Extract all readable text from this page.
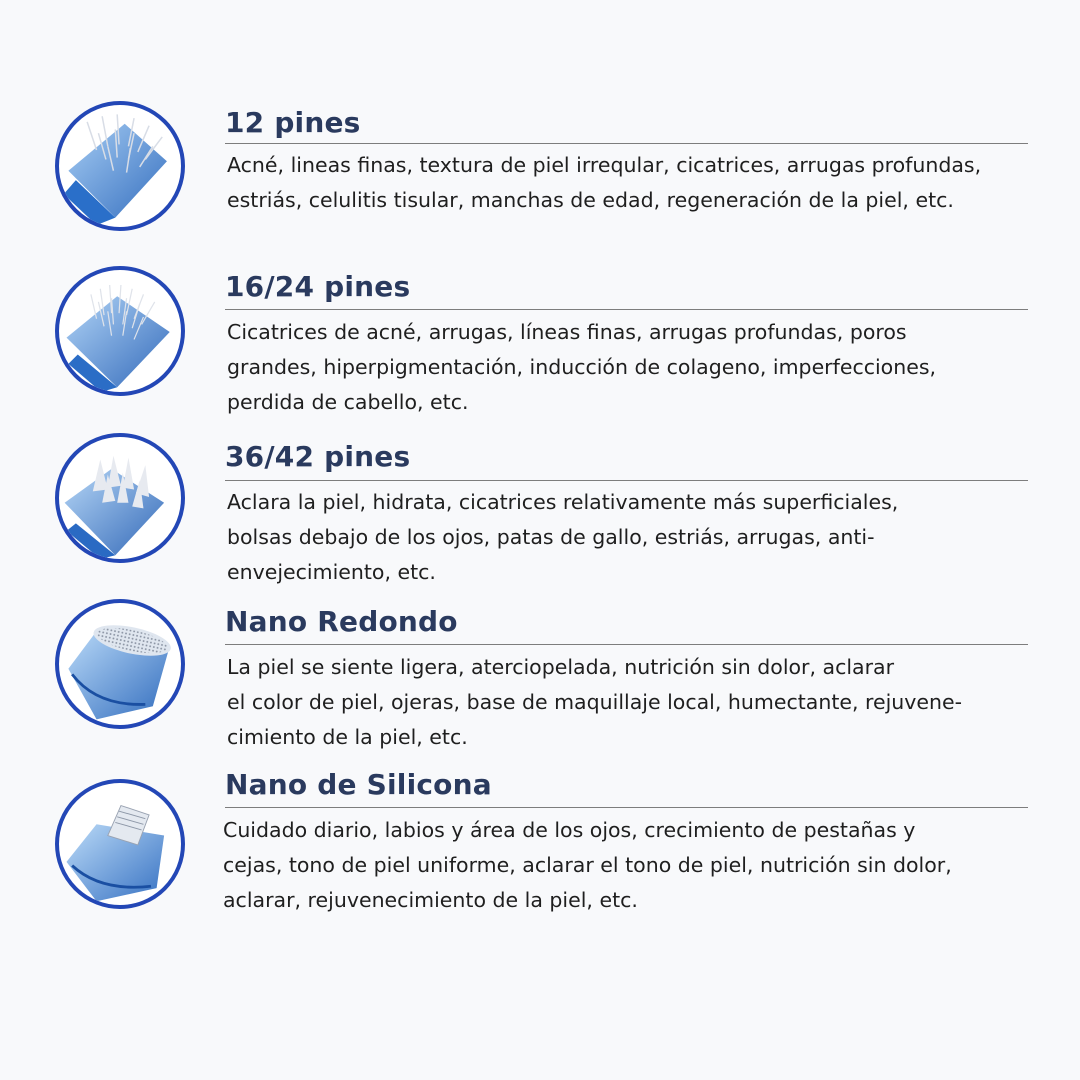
12 pines
Acné, lineas finas, textura de piel irreqular, cicatrices, arrugas profundas,
estriás, celulitis tisular, manchas de edad, regeneración de la piel, etc.
16/24 pines
Cicatrices de acné, arrugas, líneas finas, arrugas profundas, poros
grandes, hiperpigmentación, inducción de colageno, imperfecciones,
perdida de cabello, etc.
36/42 pines
Aclara la piel, hidrata, cicatrices relativamente más superficiales,
bolsas debajo de los ojos, patas de gallo, estriás, arrugas, anti-
envejecimiento, etc.
Nano Redondo
La piel se siente ligera, aterciopelada, nutrición sin dolor, aclarar
el color de piel, ojeras, base de maquillaje local, humectante, rejuvene-
cimiento de la piel, etc.
Nano de Silicona
Cuidado diario, labios y área de los ojos, crecimiento de pestañas y
cejas, tono de piel uniforme, aclarar el tono de piel, nutrición sin dolor,
aclarar, rejuvenecimiento de la piel, etc.
